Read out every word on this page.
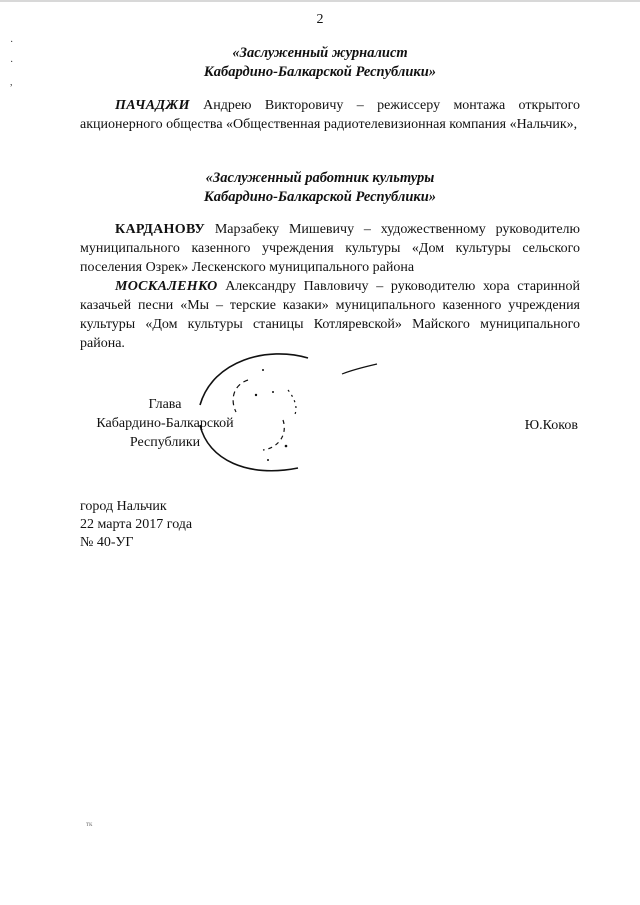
2
·

·

,
«Заслуженный журналист
Кабардино-Балкарской Республики»
ПАЧАДЖИ Андрею Викторовичу – режиссеру монтажа открытого акционерного общества «Общественная радиотелевизионная компания «Нальчик»,
«Заслуженный работник культуры
Кабардино-Балкарской Республики»
КАРДАНОВУ Марзабеку Мишевичу – художественному руководителю муниципального казенного учреждения культуры «Дом культуры сельского поселения Озрек» Лескенского муниципального района
МОСКАЛЕНКО Александру Павловичу – руководителю хора старинной казачьей песни «Мы – терские казаки» муниципального казенного учреждения культуры «Дом культуры станицы Котляревской» Майского муниципального района.
Глава
Кабардино-Балкарской
Республики
Ю.Коков
город Нальчик
22 марта 2017 года
№ 40-УГ
тк
